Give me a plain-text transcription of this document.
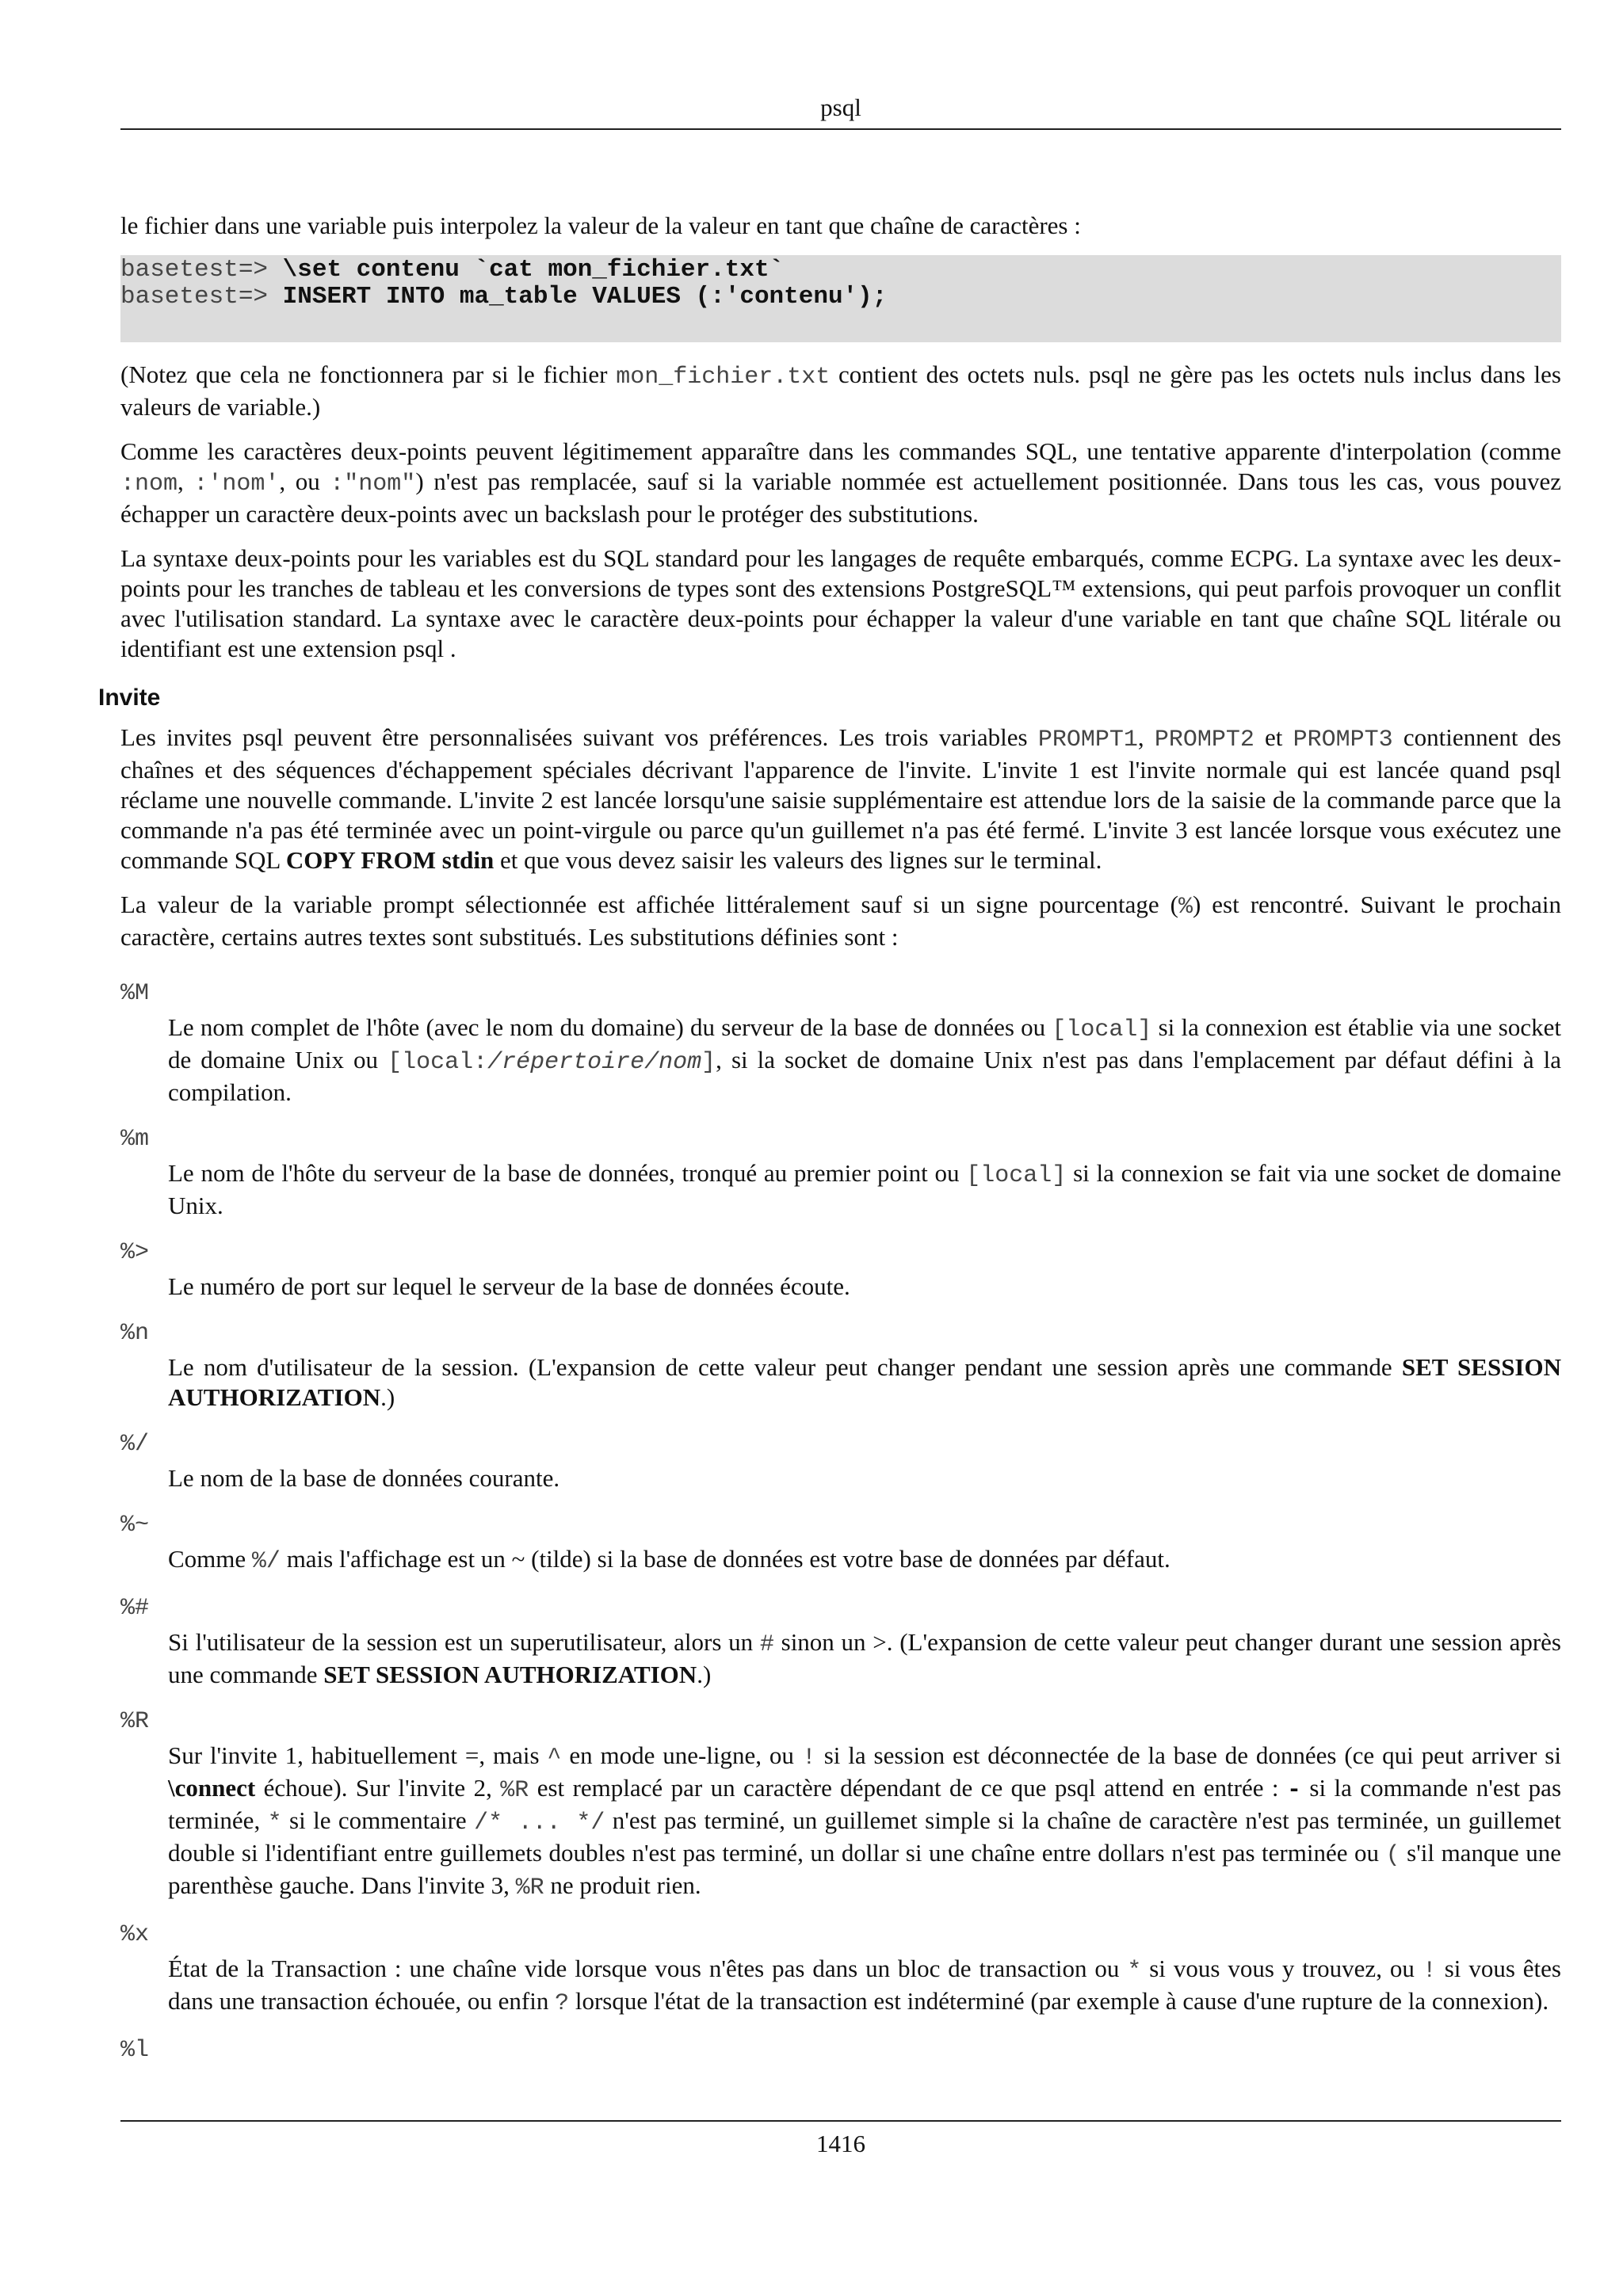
psql

le fichier dans une variable puis interpolez la valeur de la valeur en tant que chaîne de caractères :

basetest=> \set contenu `cat mon_fichier.txt`
basetest=> INSERT INTO ma_table VALUES (:'contenu');

(Notez que cela ne fonctionnera par si le fichier mon_fichier.txt contient des octets nuls. psql ne gère pas les octets nuls inclus dans les valeurs de variable.)

Comme les caractères deux-points peuvent légitimement apparaître dans les commandes SQL, une tentative apparente d'interpolation (comme :nom, :'nom', ou :"nom") n'est pas remplacée, sauf si la variable nommée est actuellement positionnée. Dans tous les cas, vous pouvez échapper un caractère deux-points avec un backslash pour le protéger des substitutions.

La syntaxe deux-points pour les variables est du SQL standard pour les langages de requête embarqués, comme ECPG. La syntaxe avec les deux-points pour les tranches de tableau et les conversions de types sont des extensions PostgreSQL™ extensions, qui peut parfois provoquer un conflit avec l'utilisation standard. La syntaxe avec le caractère deux-points pour échapper la valeur d'une variable en tant que chaîne SQL litérale ou identifiant est une extension psql .

Invite

Les invites psql peuvent être personnalisées suivant vos préférences. Les trois variables PROMPT1, PROMPT2 et PROMPT3 contiennent des chaînes et des séquences d'échappement spéciales décrivant l'apparence de l'invite. L'invite 1 est l'invite normale qui est lancée quand psql réclame une nouvelle commande. L'invite 2 est lancée lorsqu'une saisie supplémentaire est attendue lors de la saisie de la commande parce que la commande n'a pas été terminée avec un point-virgule ou parce qu'un guillemet n'a pas été fermé. L'invite 3 est lancée lorsque vous exécutez une commande SQL COPY FROM stdin et que vous devez saisir les valeurs des lignes sur le terminal.

La valeur de la variable prompt sélectionnée est affichée littéralement sauf si un signe pourcentage (%) est rencontré. Suivant le prochain caractère, certains autres textes sont substitués. Les substitutions définies sont :

%M
Le nom complet de l'hôte (avec le nom du domaine) du serveur de la base de données ou [local] si la connexion est établie via une socket de domaine Unix ou [local:/répertoire/nom], si la socket de domaine Unix n'est pas dans l'emplacement par défaut défini à la compilation.
%m
Le nom de l'hôte du serveur de la base de données, tronqué au premier point ou [local] si la connexion se fait via une socket de domaine Unix.
%>
Le numéro de port sur lequel le serveur de la base de données écoute.
%n
Le nom d'utilisateur de la session. (L'expansion de cette valeur peut changer pendant une session après une commande SET SESSION AUTHORIZATION.)
%/
Le nom de la base de données courante.
%~
Comme %/ mais l'affichage est un ~ (tilde) si la base de données est votre base de données par défaut.
%#
Si l'utilisateur de la session est un superutilisateur, alors un # sinon un >. (L'expansion de cette valeur peut changer durant une session après une commande SET SESSION AUTHORIZATION.)
%R
Sur l'invite 1, habituellement =, mais ^ en mode une-ligne, ou ! si la session est déconnectée de la base de données (ce qui peut arriver si \connect échoue). Sur l'invite 2, %R est remplacé par un caractère dépendant de ce que psql attend en entrée : - si la commande n'est pas terminée, * si le commentaire /* ... */ n'est pas terminé, un guillemet simple si la chaîne de caractère n'est pas terminée, un guillemet double si l'identifiant entre guillemets doubles n'est pas terminé, un dollar si une chaîne entre dollars n'est pas terminée ou ( s'il manque une parenthèse gauche. Dans l'invite 3, %R ne produit rien.
%x
État de la Transaction : une chaîne vide lorsque vous n'êtes pas dans un bloc de transaction ou * si vous vous y trouvez, ou ! si vous êtes dans une transaction échouée, ou enfin ? lorsque l'état de la transaction est indéterminé (par exemple à cause d'une rupture de la connexion).
%l
1416
